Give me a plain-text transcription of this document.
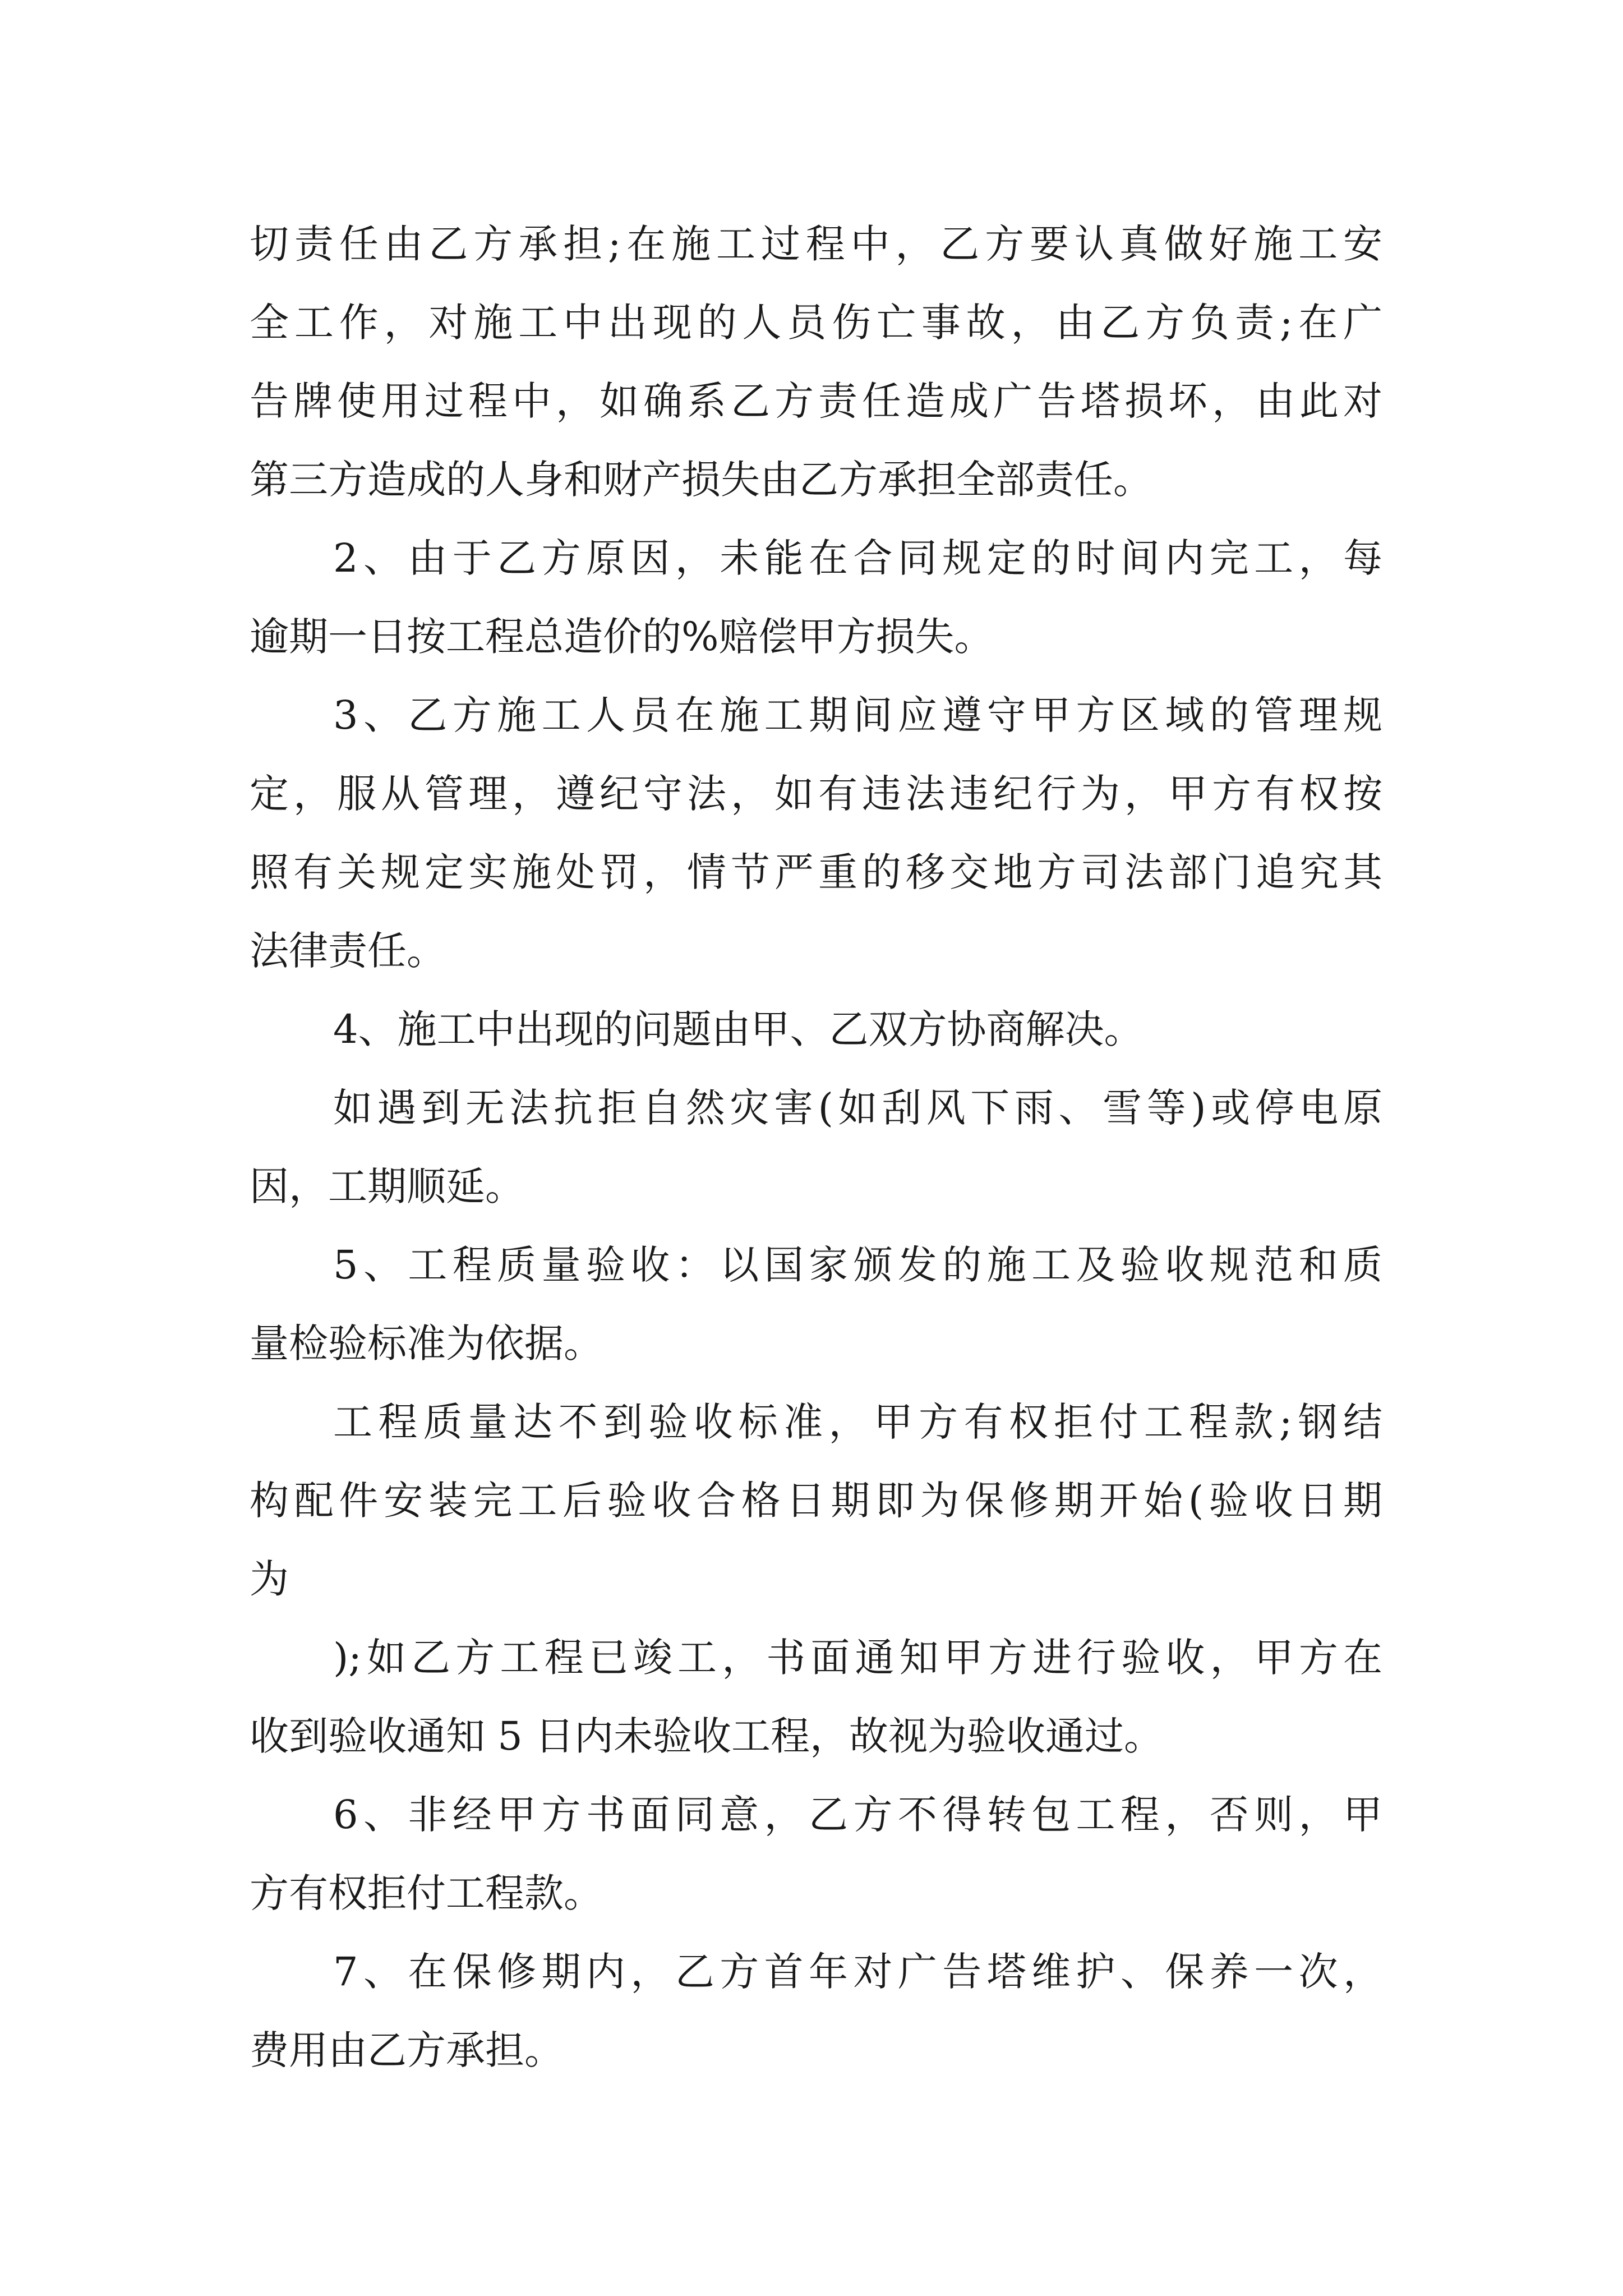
切责任由乙方承担;在施工过程中，乙方要认真做好施工安

全工作，对施工中出现的人员伤亡事故，由乙方负责;在广

告牌使用过程中，如确系乙方责任造成广告塔损坏，由此对

第三方造成的人身和财产损失由乙方承担全部责任。

2、由于乙方原因，未能在合同规定的时间内完工，每

逾期一日按工程总造价的%赔偿甲方损失。

3、乙方施工人员在施工期间应遵守甲方区域的管理规

定，服从管理，遵纪守法，如有违法违纪行为，甲方有权按

照有关规定实施处罚，情节严重的移交地方司法部门追究其

法律责任。

4、施工中出现的问题由甲、乙双方协商解决。

如遇到无法抗拒自然灾害(如刮风下雨、雪等)或停电原

因，工期顺延。

5、工程质量验收：以国家颁发的施工及验收规范和质

量检验标准为依据。

工程质量达不到验收标准，甲方有权拒付工程款;钢结

构配件安装完工后验收合格日期即为保修期开始(验收日期

为

);如乙方工程已竣工，书面通知甲方进行验收，甲方在

收到验收通知 5 日内未验收工程，故视为验收通过。

6、非经甲方书面同意，乙方不得转包工程，否则，甲

方有权拒付工程款。

7、在保修期内，乙方首年对广告塔维护、保养一次，

费用由乙方承担。
